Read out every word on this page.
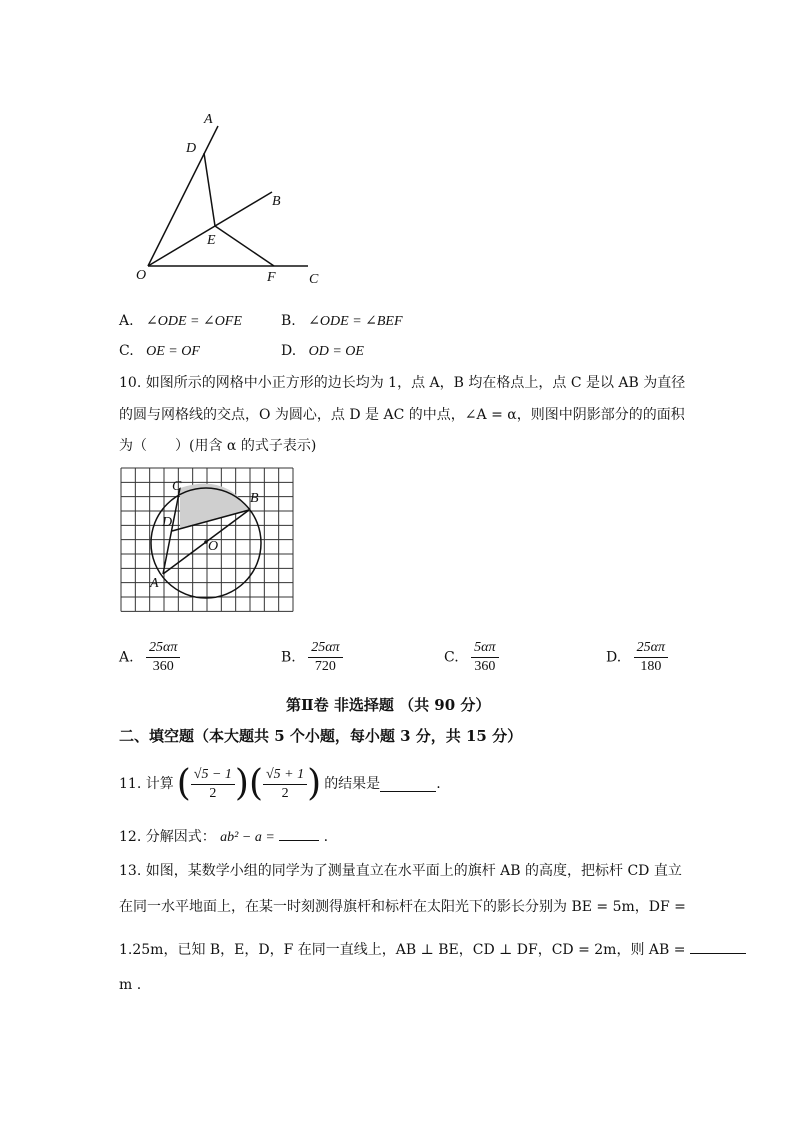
A
D
B
E
O	F C
A. ∠ODE = ∠OFE	B. ∠ODE = ∠BEF
C. OE = OF	D. OD = OE
10. 如图所示的网格中小正方形的边长均为 1，点 A，B 均在格点上，点 C 是以 AB 为直径
的圆与网格线的交点，O 为圆心，点 D 是 AC 的中点，∠A = α，则图中阴影部分的的面积
为（　　）(用含 α 的式子表示)
C
D
B
O
A
A. $\frac{25\alpha\pi}{360}$	B. $\frac{25\alpha\pi}{720}$	C. $\frac{5\alpha\pi}{360}$	D. $\frac{25\alpha\pi}{180}$
第Ⅱ卷 非选择题 （共 90 分）
二、填空题（本大题共 5 个小题，每小题 3 分，共 15 分）
11. 计算 ( $\frac{√5 - 1}{2}$ ) ( $\frac{√5 + 1}{2}$ ) 的结果是	.
12. 分解因式： ab² − a =	.
13. 如图，某数学小组的同学为了测量直立在水平面上的旗杆 AB 的高度，把标杆 CD 直立
在同一水平地面上，在某一时刻测得旗杆和标杆在太阳光下的影长分别为 BE = 5m，DF =
1.25m，已知 B，E，D，F 在同一直线上，AB ⊥ BE，CD ⊥ DF，CD = 2m，则 AB =
m .
